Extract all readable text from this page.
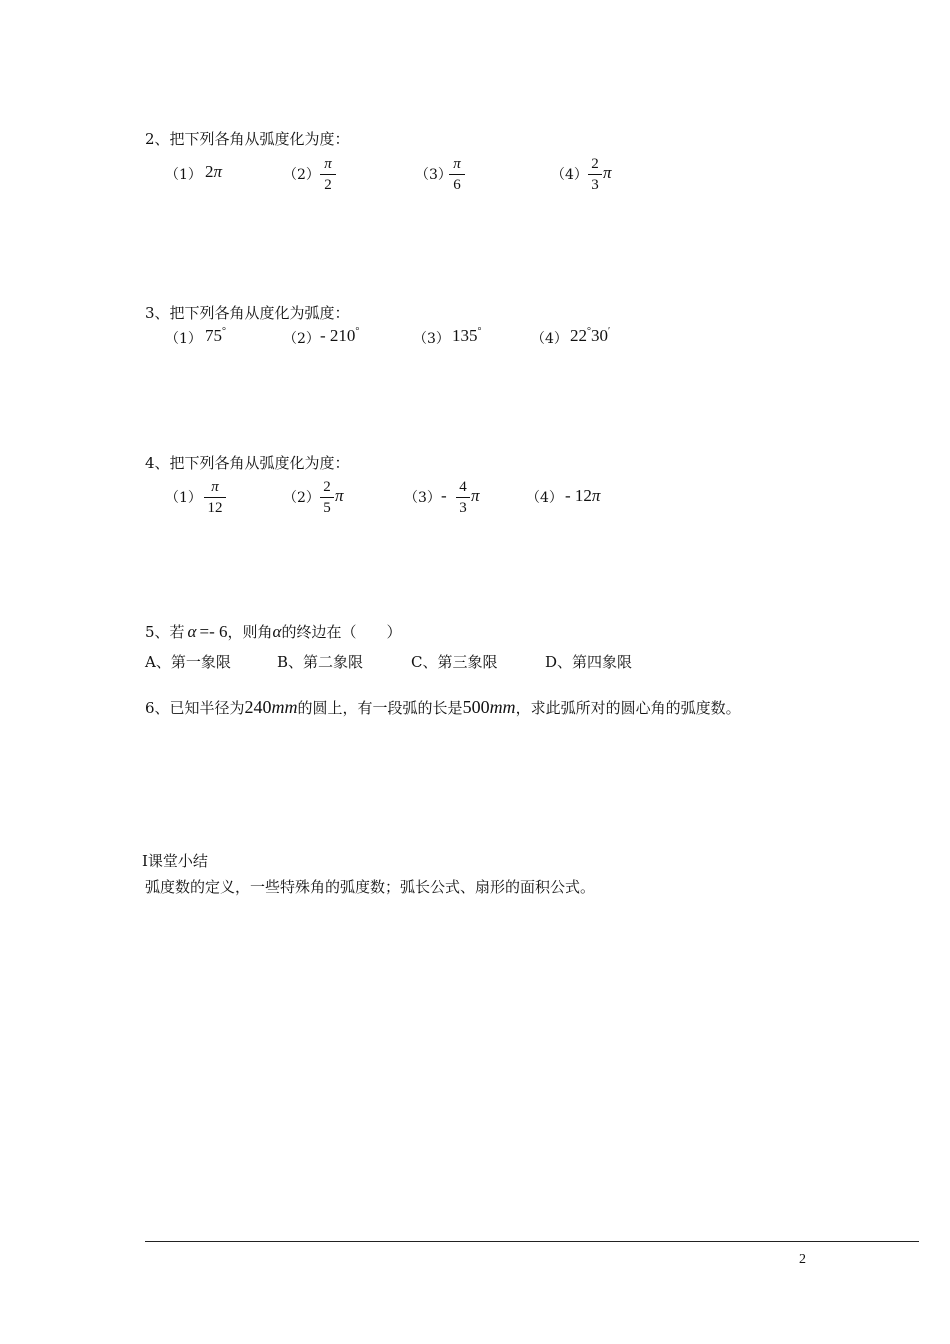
2、把下列各角从弧度化为度：
（1） 2π	（2）
π
2
（3）
π
6
（4）
2
3
π
3、把下列各角从度化为弧度：
（1） 75°	（2） - 210°	（3） 135°	（4） 22°30′
4、把下列各角从弧度化为度：
（1）
π
12
（2）
2
5
π	（3） - 4
3
π	（4） - 12π
5、若 α =- 6，则角α的终边在（　　）
A、第一象限	B、第二象限	C、第三象限	D、第四象限
6、已知半径为240mm的圆上，有一段弧的长是500mm，求此弧所对的圆心角的弧度数。
I课堂小结
弧度数的定义，一些特殊角的弧度数；弧长公式、扇形的面积公式。
2
